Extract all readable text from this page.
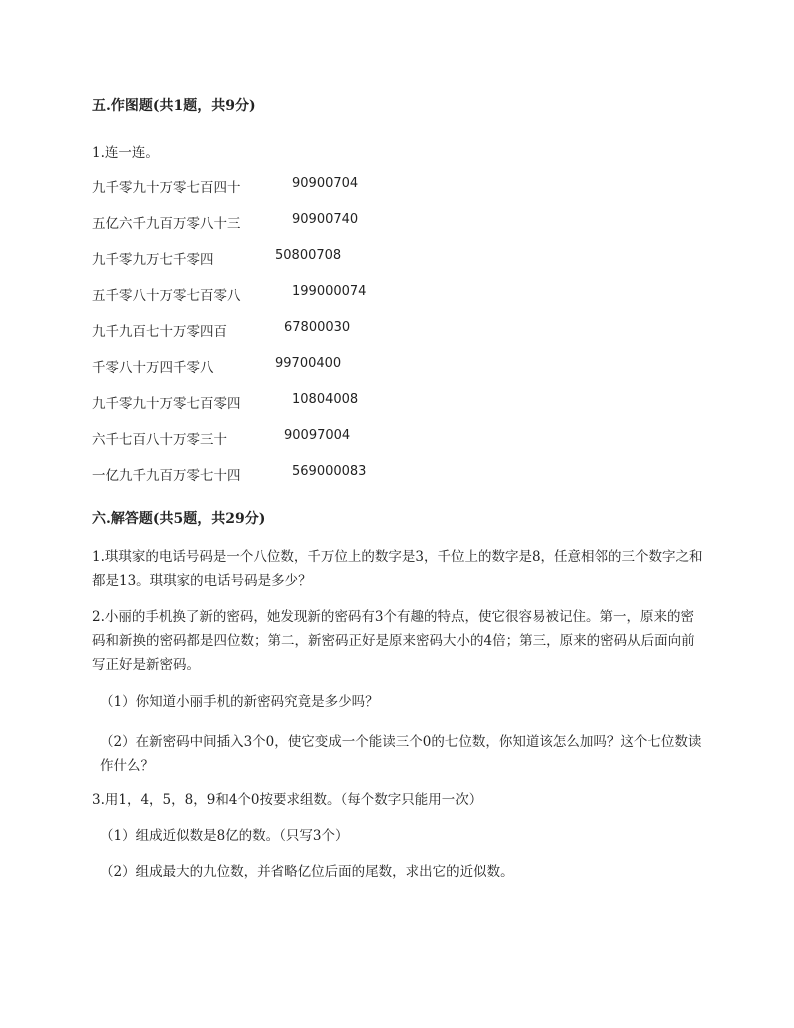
五.作图题(共1题，共9分)
1.连一连。
九千零九十万零七百四十	90900704
五亿六千九百万零八十三	90900740
九千零九万七千零四	50800708
五千零八十万零七百零八	199000074
九千九百七十万零四百	67800030
千零八十万四千零八	99700400
九千零九十万零七百零四	10804008
六千七百八十万零三十	90097004
一亿九千九百万零七十四	569000083
六.解答题(共5题，共29分)
1.琪琪家的电话号码是一个八位数，千万位上的数字是3，千位上的数字是8，任意相邻的三个数字之和都是13。琪琪家的电话号码是多少？
2.小丽的手机换了新的密码，她发现新的密码有3个有趣的特点，使它很容易被记住。第一，原来的密码和新换的密码都是四位数；第二，新密码正好是原来密码大小的4倍；第三，原来的密码从后面向前写正好是新密码。
（1）你知道小丽手机的新密码究竟是多少吗？
（2）在新密码中间插入3个0，使它变成一个能读三个0的七位数，你知道该怎么加吗？这个七位数读作什么？
3.用1，4，5，8，9和4个0按要求组数。（每个数字只能用一次）
（1）组成近似数是8亿的数。（只写3个）
（2）组成最大的九位数，并省略亿位后面的尾数，求出它的近似数。
